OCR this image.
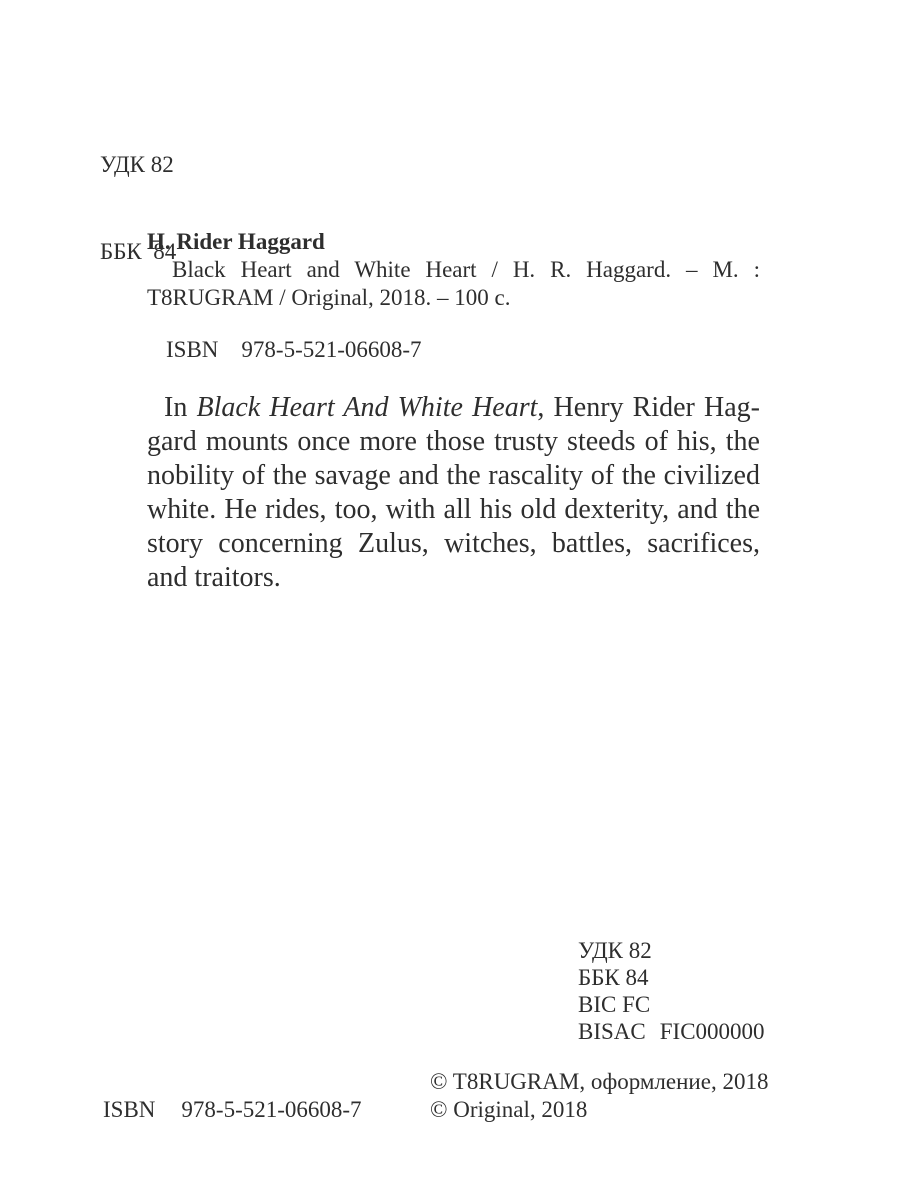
УДК 82

ББК  84

H. Rider Haggard
Black Heart and White Heart / H. R. Haggard. – М. :
T8RUGRAM / Original, 2018. – 100 с.
ISBN 978-5-521-06608-7
In Black Heart And White Heart, Henry Rider Hag-
gard mounts once more those trusty steeds of his, the
nobility of the savage and the rascality of the civilized
white. He rides, too, with all his old dexterity, and the
story concerning Zulus, witches, battles, sacrifices,
and traitors.
УДК 82
ББК 84
BIC FC
BISAC FIC000000
© T8RUGRAM, оформление, 2018
© Original, 2018
ISBN 978-5-521-06608-7
